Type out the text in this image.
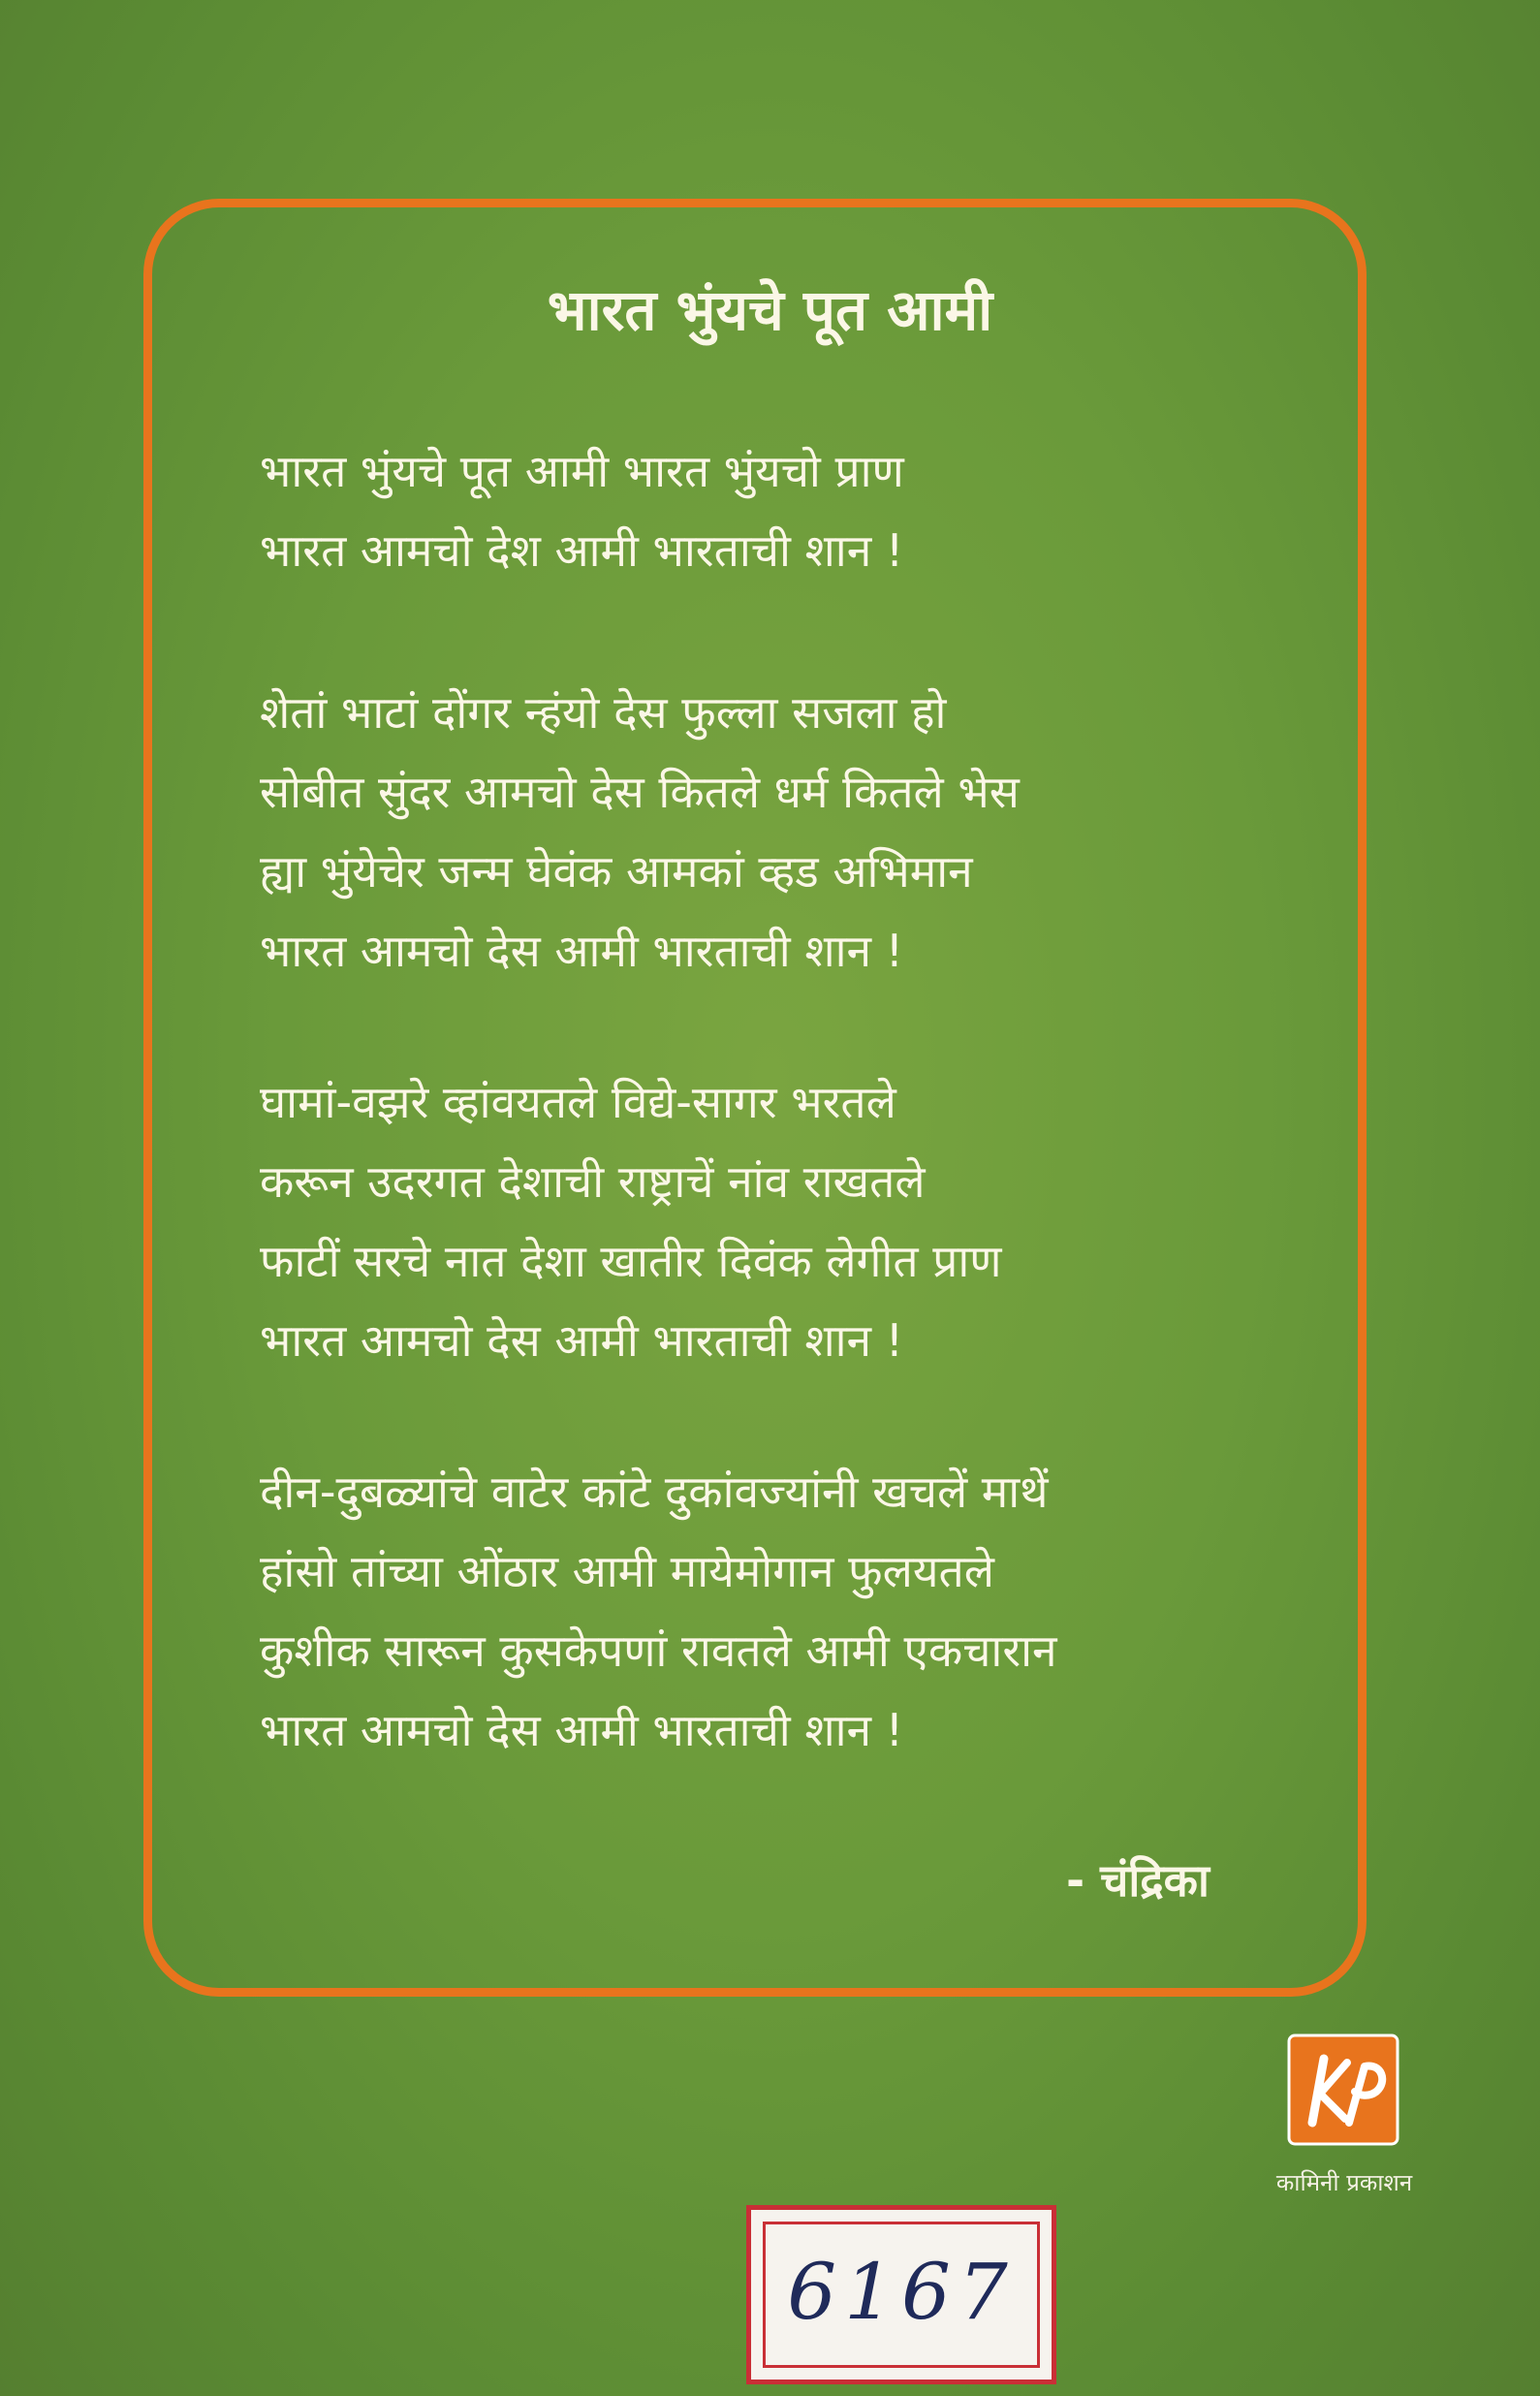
भारत भुंयचे पूत आमी

भारत भुंयचे पूत आमी भारत भुंयचो प्राण

भारत आमचो देश आमी भारताची शान !

शेतां भाटां दोंगर न्हंयो देस फुल्ला सजला हो

सोबीत सुंदर आमचो देस कितले धर्म कितले भेस

ह्या भुंयेचेर जन्म घेवंक आमकां व्हड अभिमान

भारत आमचो देस आमी भारताची शान !

घामां-वझरे व्हांवयतले विद्ये-सागर भरतले

करून उदरगत देशाची राष्ट्राचें नांव राखतले

फाटीं सरचे नात देशा खातीर दिवंक लेगीत प्राण

भारत आमचो देस आमी भारताची शान !

दीन-दुबळ्यांचे वाटेर कांटे दुकांवज्यांनी खचलें माथें

हांसो तांच्या ओंठार आमी मायेमोगान फुलयतले

कुशीक सारून कुसकेपणां रावतले आमी एकचारान

भारत आमचो देस आमी भारताची शान !

- चंद्रिका
कामिनी प्रकाशन
6167
